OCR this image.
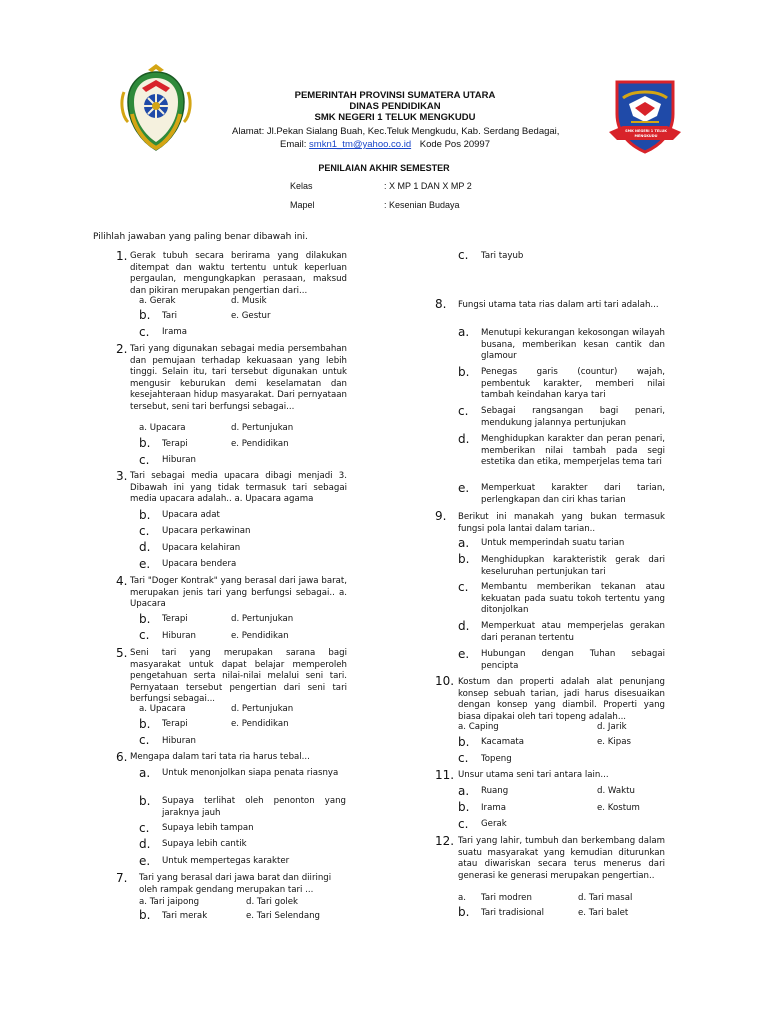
SMK NEGERI 1 TELUK MENGKUDU
PEMERINTAH PROVINSI SUMATERA UTARA
DINAS PENDIDIKAN
SMK NEGERI 1 TELUK MENGKUDU
Alamat: Jl.Pekan Sialang Buah, Kec.Teluk Mengkudu, Kab. Serdang Bedagai,
Email: smkn1_tm@yahoo.co.id Kode Pos 20997
PENILAIAN AKHIR SEMESTER
Kelas	: X MP 1 DAN X MP 2
Mapel	: Kesenian Budaya
Pilihlah jawaban yang paling benar dibawah ini.
1. Gerak tubuh secara berirama yang dilakukan ditempat dan waktu tertentu untuk keperluan pergaulan, mengungkapkan perasaan, maksud dan pikiran merupakan pengertian dari...
a. Gerak	d. Musik
b. Tari	e. Gestur
c. Irama
2. Tari yang digunakan sebagai media persembahan dan pemujaan terhadap kekuasaan yang lebih tinggi. Selain itu, tari tersebut digunakan untuk mengusir keburukan demi keselamatan dan kesejahteraan hidup masyarakat. Dari pernyataan tersebut, seni tari berfungsi sebagai...
a. Upacara	d. Pertunjukan
b. Terapi	e. Pendidikan
c. Hiburan
3. Tari sebagai media upacara dibagi menjadi 3. Dibawah ini yang tidak termasuk tari sebagai media upacara adalah.. a. Upacara agama
b. Upacara adat
c. Upacara perkawinan
d. Upacara kelahiran
e. Upacara bendera
4. Tari "Doger Kontrak" yang berasal dari jawa barat, merupakan jenis tari yang berfungsi sebagai.. a. Upacara
b. Terapi	d. Pertunjukan
c. Hiburan	e. Pendidikan
5. Seni tari yang merupakan sarana bagi masyarakat untuk dapat belajar memperoleh pengetahuan serta nilai-nilai melalui seni tari. Pernyataan tersebut pengertian dari seni tari berfungsi sebagai...
a. Upacara	d. Pertunjukan
b. Terapi	e. Pendidikan
c. Hiburan
6. Mengapa dalam tari tata ria harus tebal...
a. Untuk menonjolkan siapa penata riasnya
b. Supaya terlihat oleh penonton yang jaraknya jauh
c. Supaya lebih tampan
d. Supaya lebih cantik
e. Untuk mempertegas karakter
7. Tari yang berasal dari jawa barat dan diiringi oleh rampak gendang merupakan tari ...
a. Tari jaipong	d. Tari golek
b. Tari merak	e. Tari Selendang
c. Tari tayub
8. Fungsi utama tata rias dalam arti tari adalah...
a. Menutupi kekurangan kekosongan wilayah busana, memberikan kesan cantik dan glamour
b. Penegas garis (countur) wajah, pembentuk karakter, memberi nilai tambah keindahan karya tari
c. Sebagai rangsangan bagi penari, mendukung jalannya pertunjukan
d. Menghidupkan karakter dan peran penari, memberikan nilai tambah pada segi estetika dan etika, memperjelas tema tari
e. Memperkuat karakter dari tarian, perlengkapan dan ciri khas tarian
9. Berikut ini manakah yang bukan termasuk fungsi pola lantai dalam tarian..
a. Untuk memperindah suatu tarian
b. Menghidupkan karakteristik gerak dari keseluruhan pertunjukan tari
c. Membantu memberikan tekanan atau kekuatan pada suatu tokoh tertentu yang ditonjolkan
d. Memperkuat atau memperjelas gerakan dari peranan tertentu
e. Hubungan dengan Tuhan sebagai pencipta
10. Kostum dan properti adalah alat penunjang konsep sebuah tarian, jadi harus disesuaikan dengan konsep yang diambil. Properti yang biasa dipakai oleh tari topeng adalah...
a. Caping	d. Jarik
b. Kacamata	e. Kipas
c. Topeng
11. Unsur utama seni tari antara lain...
a. Ruang	d. Waktu
b. Irama	e. Kostum
c. Gerak
12. Tari yang lahir, tumbuh dan berkembang dalam suatu masyarakat yang kemudian diturunkan atau diwariskan secara terus menerus dari generasi ke generasi merupakan pengertian..
a. Tari modren	d. Tari masal
b. Tari tradisional	e. Tari balet
